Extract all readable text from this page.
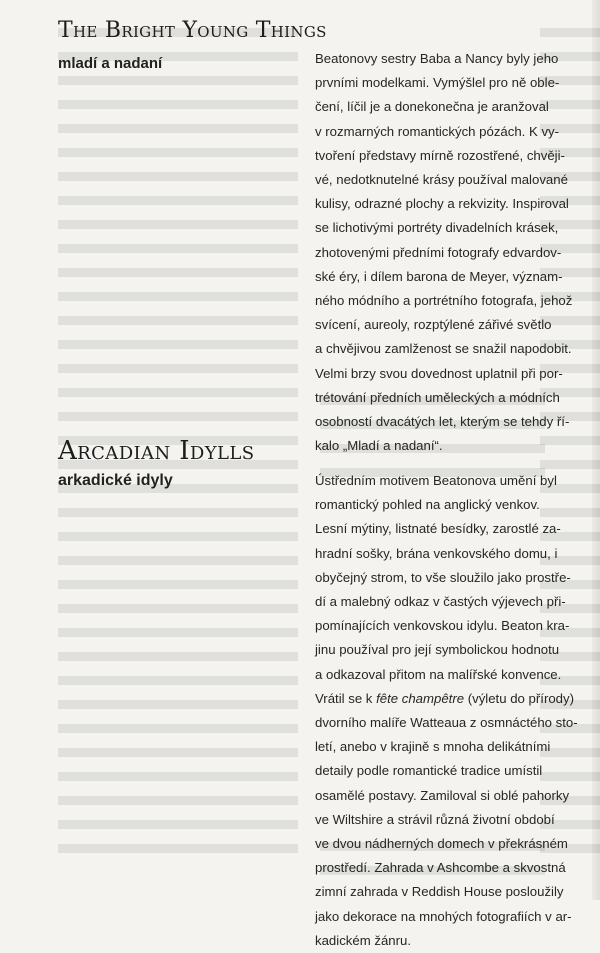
The Bright Young Things
mladí a nadaní	Beatonovy sestry Baba a Nancy byly jeho
prvními modelkami. Vymýšlel pro ně oble-
čení, líčil je a donekonečna je aranžoval
v rozmarných romantických pózách. K vy-
tvoření představy mírně rozostřené, chvěji-
vé, nedotknutelné krásy používal malované
kulisy, odrazné plochy a rekvizity. Inspiroval
se lichotivými portréty divadelních krásek,
zhotovenými předními fotografy edvardov-
ské éry, i dílem barona de Meyer, význam-
ného módního a portrétního fotografa, jehož
svícení, aureoly, rozptýlené zářivé světlo
a chvějivou zamlženost se snažil napodobit.
Velmi brzy svou dovednost uplatnil při por-
trétování předních uměleckých a módních
osobností dvacátých let, kterým se tehdy ří-
kalo „Mladí a nadaní“.
Arcadian Idylls
arkadické idyly	Ústředním motivem Beatonova umění byl
romantický pohled na anglický venkov.
Lesní mýtiny, listnaté besídky, zarostlé za-
hradní sošky, brána venkovského domu, i
obyčejný strom, to vše sloužilo jako prostře-
dí a malebný odkaz v častých výjevech při-
pomínajících venkovskou idylu. Beaton kra-
jinu používal pro její symbolickou hodnotu
a odkazoval přitom na malířské konvence.
Vrátil se k fête champêtre (výletu do přírody)
dvorního malíře Watteaua z osmnáctého sto-
letí, anebo v krajině s mnoha delikátními
detaily podle romantické tradice umístil
osamělé postavy. Zamiloval si oblé pahorky
ve Wiltshire a strávil různá životní období
ve dvou nádherných domech v překrásném
prostředí. Zahrada v Ashcombe a skvostná
zimní zahrada v Reddish House posloužily
jako dekorace na mnohých fotografiích v ar-
kadickém žánru.
